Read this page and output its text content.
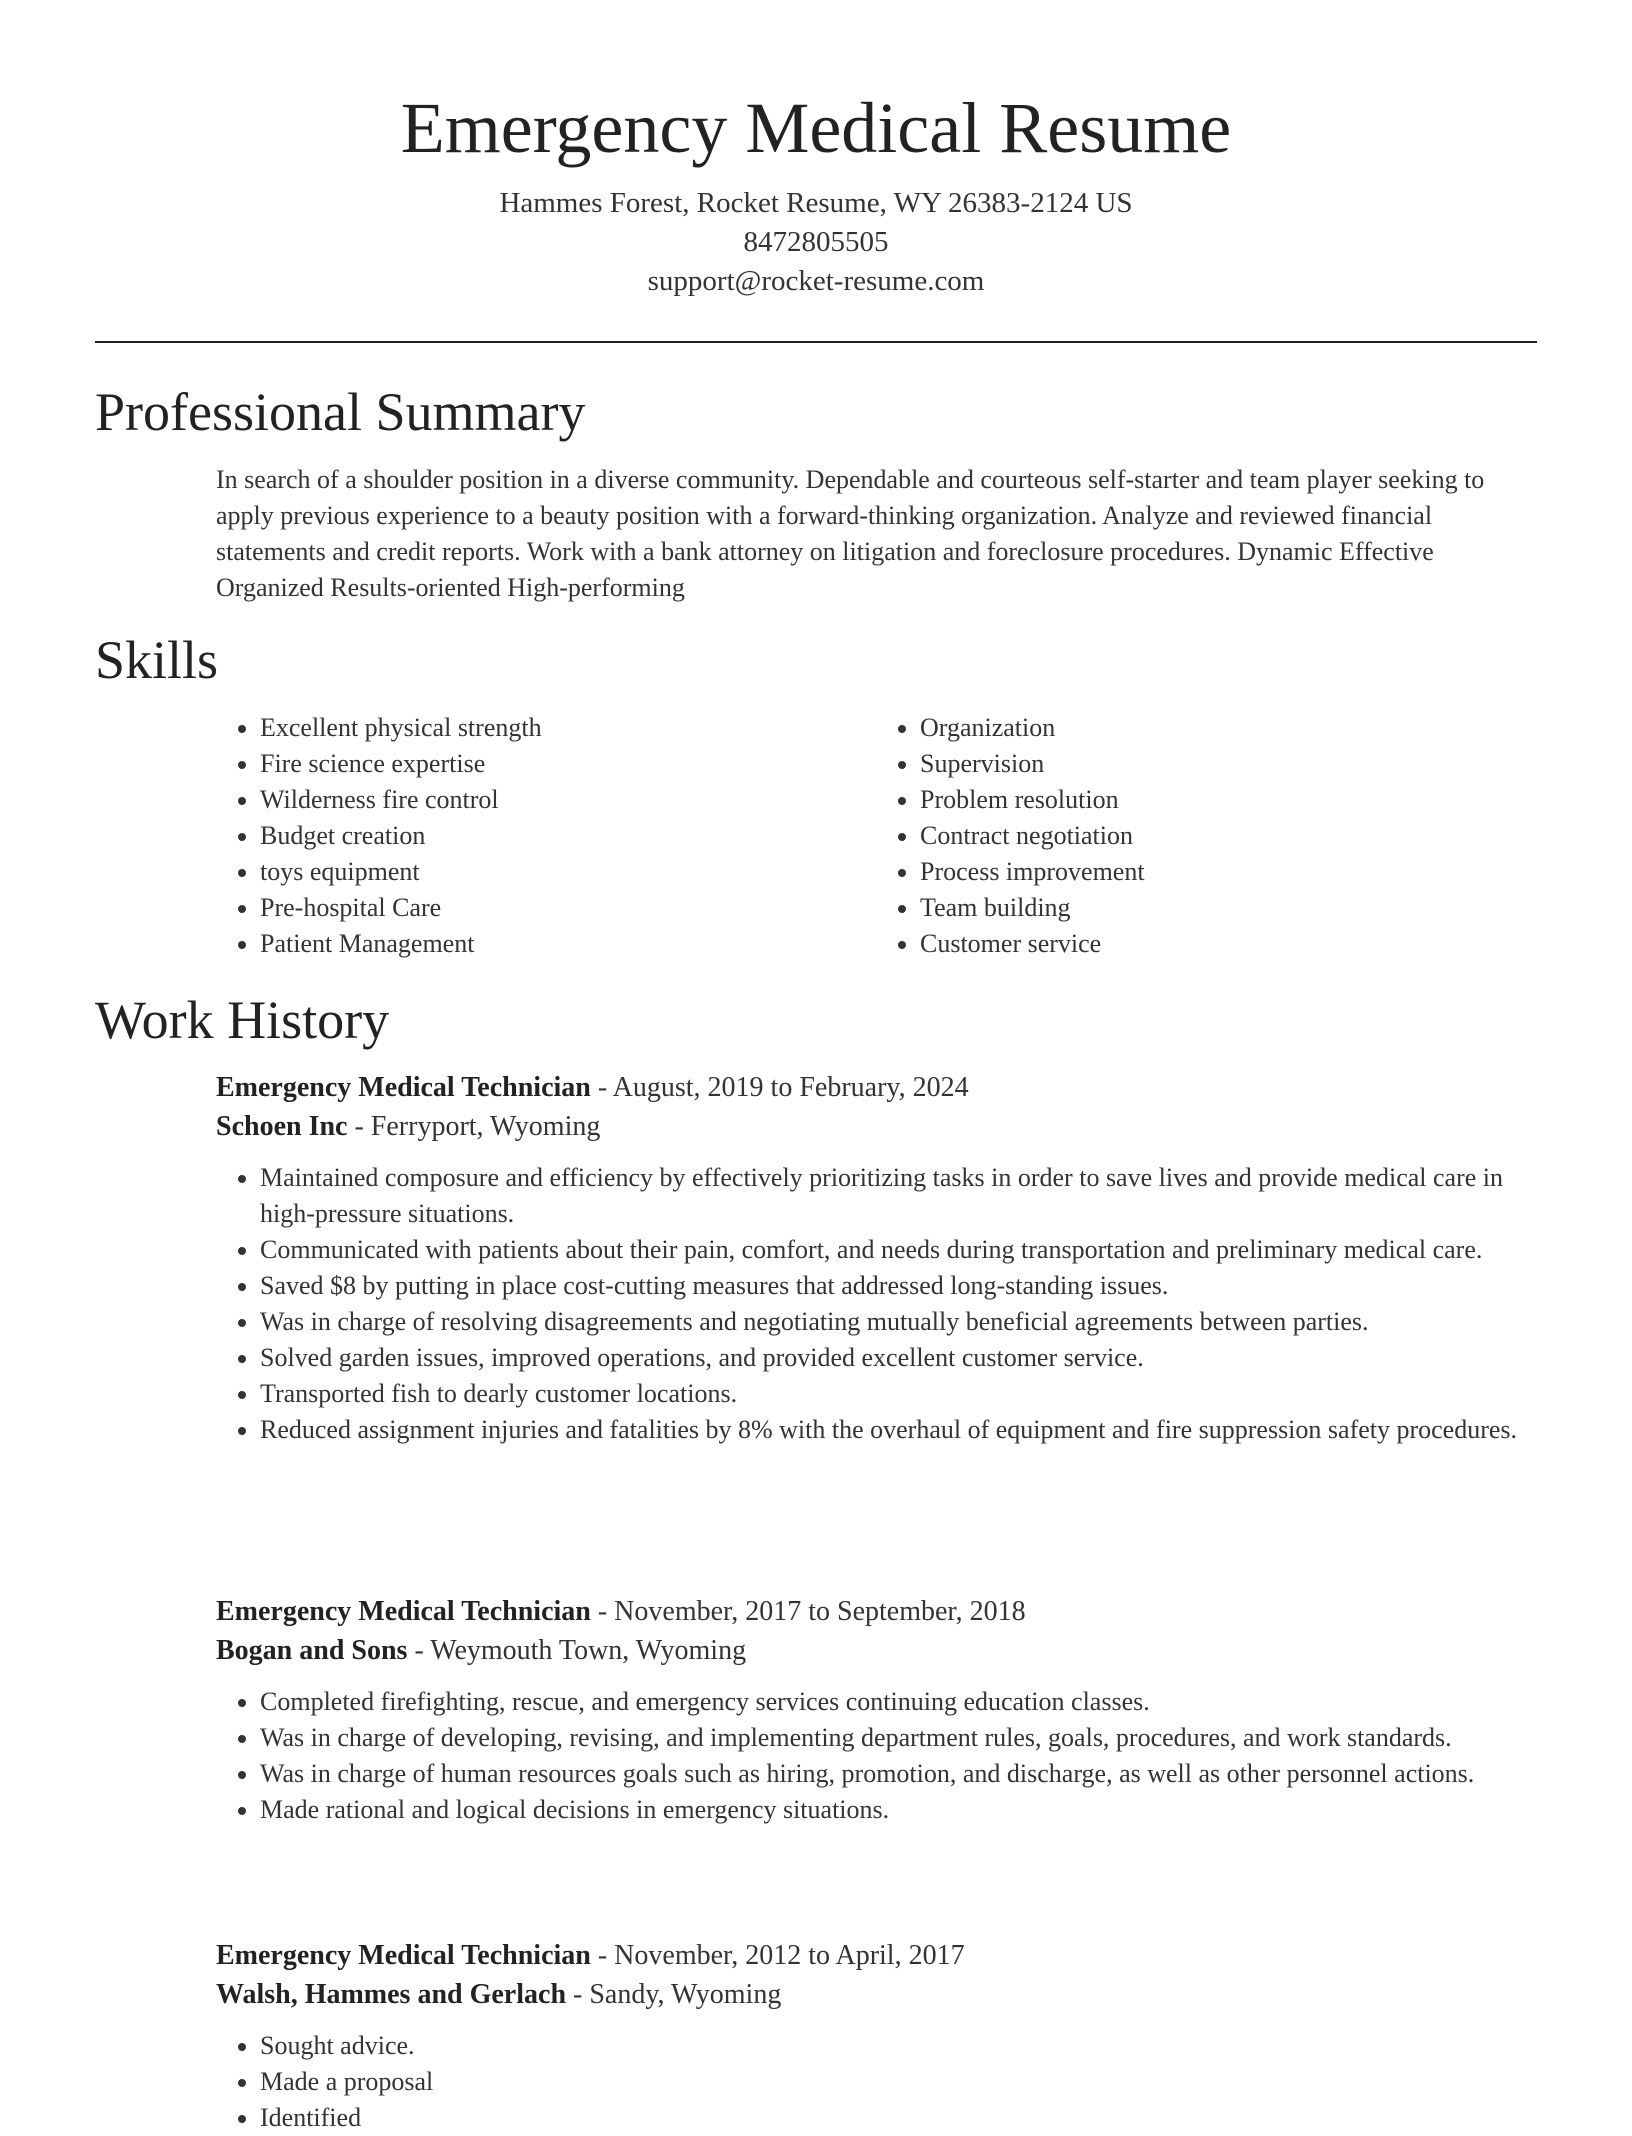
Emergency Medical Resume
Hammes Forest, Rocket Resume, WY 26383-2124 US
8472805505
support@rocket-resume.com
Professional Summary

In search of a shoulder position in a diverse community. Dependable and courteous self-starter and team player seeking to apply previous experience to a beauty position with a forward-thinking organization. Analyze and reviewed financial statements and credit reports. Work with a bank attorney on litigation and foreclosure procedures. Dynamic Effective Organized Results-oriented High-performing

Skills
• Excellent physical strength
• Fire science expertise
• Wilderness fire control
• Budget creation
• toys equipment
• Pre-hospital Care
• Patient Management
• Organization
• Supervision
• Problem resolution
• Contract negotiation
• Process improvement
• Team building
• Customer service
Work History
Emergency Medical Technician - August, 2019 to February, 2024
Schoen Inc - Ferryport, Wyoming
• Maintained composure and efficiency by effectively prioritizing tasks in order to save lives and provide medical care in high-pressure situations.
• Communicated with patients about their pain, comfort, and needs during transportation and preliminary medical care.
• Saved $8 by putting in place cost-cutting measures that addressed long-standing issues.
• Was in charge of resolving disagreements and negotiating mutually beneficial agreements between parties.
• Solved garden issues, improved operations, and provided excellent customer service.
• Transported fish to dearly customer locations.
• Reduced assignment injuries and fatalities by 8% with the overhaul of equipment and fire suppression safety procedures.
Emergency Medical Technician - November, 2017 to September, 2018
Bogan and Sons - Weymouth Town, Wyoming
• Completed firefighting, rescue, and emergency services continuing education classes.
• Was in charge of developing, revising, and implementing department rules, goals, procedures, and work standards.
• Was in charge of human resources goals such as hiring, promotion, and discharge, as well as other personnel actions.
• Made rational and logical decisions in emergency situations.
Emergency Medical Technician - November, 2012 to April, 2017
Walsh, Hammes and Gerlach - Sandy, Wyoming
• Sought advice.
• Made a proposal
• Identified
